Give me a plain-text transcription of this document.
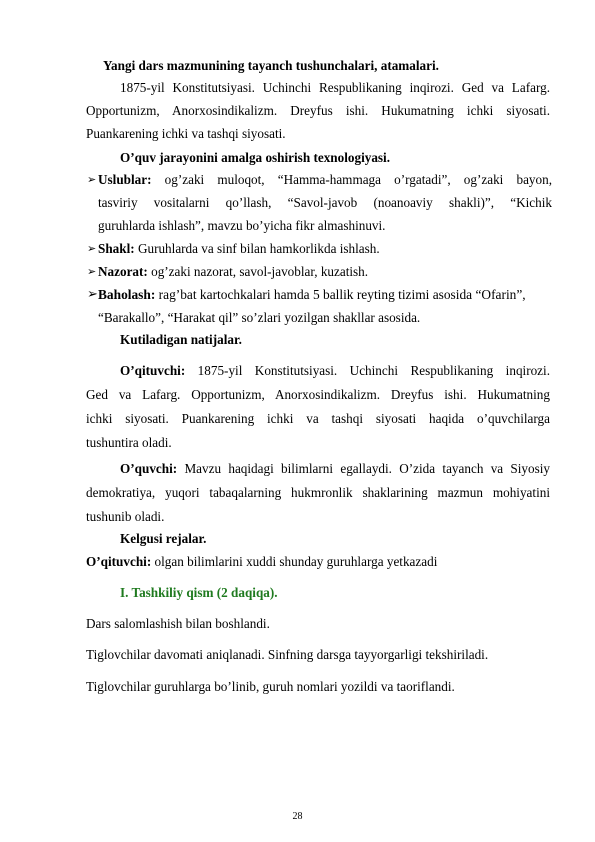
Yangi dars mazmunining tayanch tushunchalari, atamalari.
1875-yil Konstitutsiyasi. Uchinchi Respublikaning inqirozi. Ged va Lafarg.
Opportunizm, Anorxosindikalizm. Dreyfus ishi. Hukumatning ichki siyosati.
Puankarening ichki va tashqi siyosati.
O’quv jarayonini amalga oshirish texnologiyasi.
➢ Uslublar: og’zaki muloqot, “Hamma-hammaga o’rgatadi”, og’zaki bayon,
tasviriy vositalarni qo’llash, “Savol-javob (noanoaviy shakli)”, “Kichik
guruhlarda ishlash”, mavzu bo’yicha fikr almashinuvi.
➢ Shakl: Guruhlarda va sinf bilan hamkorlikda ishlash.
➢ Nazorat: og’zaki nazorat, savol-javoblar, kuzatish.
➢ Baholash: rag’bat kartochkalari hamda 5 ballik reyting tizimi asosida “Ofarin”,
“Barakallo”, “Harakat qil” so’zlari yozilgan shakllar asosida.
Kutiladigan natijalar.
O’qituvchi: 1875-yil Konstitutsiyasi. Uchinchi Respublikaning inqirozi.
Ged va Lafarg. Opportunizm, Anorxosindikalizm. Dreyfus ishi. Hukumatning
ichki siyosati. Puankarening ichki va tashqi siyosati haqida o’quvchilarga
tushuntira oladi.
O’quvchi: Mavzu haqidagi bilimlarni egallaydi. O’zida tayanch va Siyosiy
demokratiya, yuqori tabaqalarning hukmronlik shaklarining mazmun mohiyatini
tushunib oladi.
Kelgusi rejalar.
O’qituvchi: olgan bilimlarini xuddi shunday guruhlarga yetkazadi
I. Tashkiliy qism (2 daqiqa).
Dars salomlashish bilan boshlandi.
Tiglovchilar davomati aniqlanadi. Sinfning darsga tayyorgarligi tekshiriladi.
Tiglovchilar guruhlarga bo’linib, guruh nomlari yozildi va taoriflandi.
28
